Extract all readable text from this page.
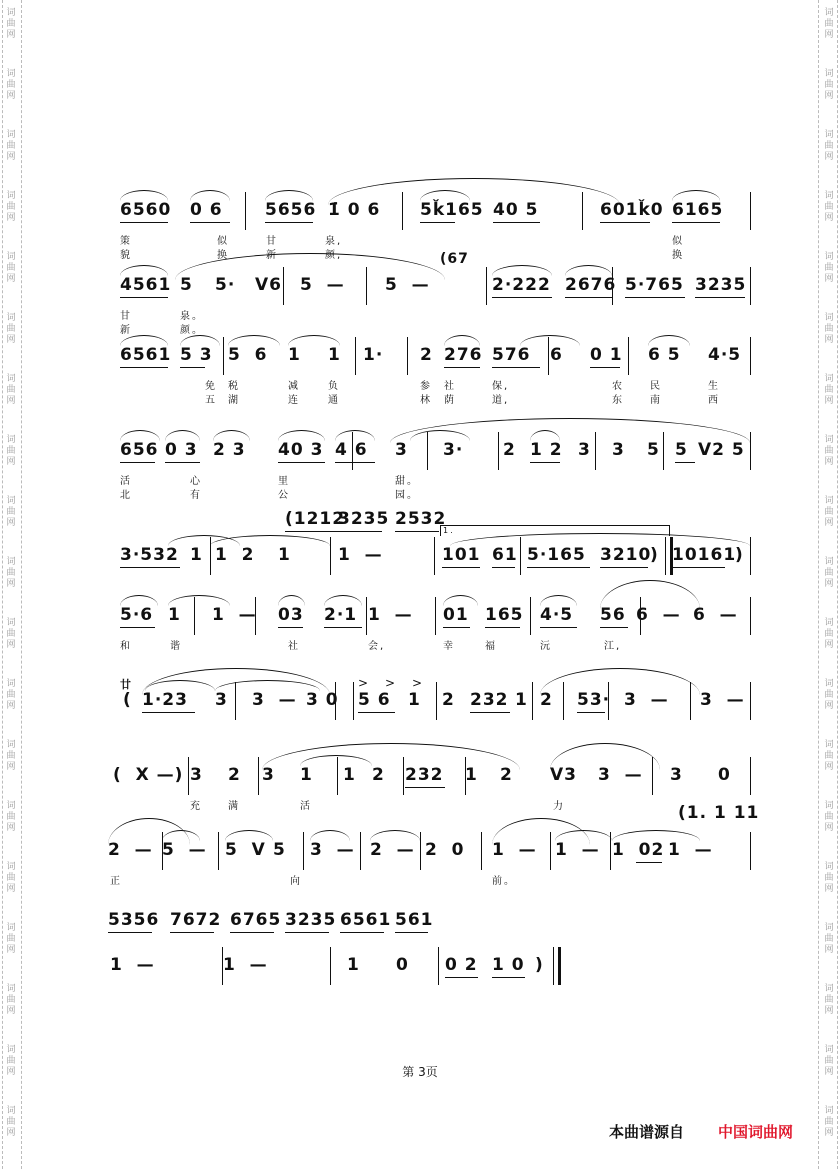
词
曲
网
词
曲
网
词
曲
网
词
曲
网
词
曲
网
词
曲
网
词
曲
网
词
曲
网
词
曲
网
词
曲
网
词
曲
网
词
曲
网
词
曲
网
词
曲
网
词
曲
网
词
曲
网
词
曲
网
词
曲
网
词
曲
网
词
曲
网
词
曲
网
词
曲
网
词
曲
网
词
曲
网
词
曲
网
词
曲
网
词
曲
网
词
曲
网
词
曲
网
词
曲
网
词
曲
网
词
曲
网
词
曲
网
词
曲
网
词
曲
网
词
曲
网
词
曲
网
词
曲
网
6560 0 6 5656 1̇ 0 6 5ǩ165 40 5	601ǩ0 6165
策	似	甘	泉,	似
貌	换	新	颜,	换
4561 5 5· V6 5  — 5  —	2·222 2676 5·765 3235
(67
甘	泉。
新	颜。
6561 5 3 5  6 1 1 1· 2 276 576 6 0 1 6 5 4·5
免 税	减	负	参 社	保,	农	民	生
五 湖	连	通	林 荫	道,	东	南	西
656 0 3 2 3 40 3 4 6 3 3· 2 1 2 3 3 5 5 V2 5
活	心	里	甜。
北	有	公	园。
3·532 1 1  2 1	1  —	101 61 5·165 3210
) 10161
)
(1212
3235 2532
1.
5·6 1 1  — 03 2·1 1  — 01 165 4·5 56 6  — 6  —
和	谐	社	会,	幸	福	沅	江,
( 1·23 3 3  — 3 0 5 6 1 2 232 1 2 53· 3  — 3  —
廿	> > >
(  X —) 3 2 3 1 1 2 232 1 2 V3 3  — 3 0
(1. 1 11
充	满	活	力
2  — 5  — 5  V 5 3  — 2  — 2  0 1  — 1  — 1  02 1  —
正	向	前。
1  —	1  —	1 0 0 2 1 0 )
5356 7672 6765 3235 6561 561
第 3页
本曲谱源自 中国词曲网
